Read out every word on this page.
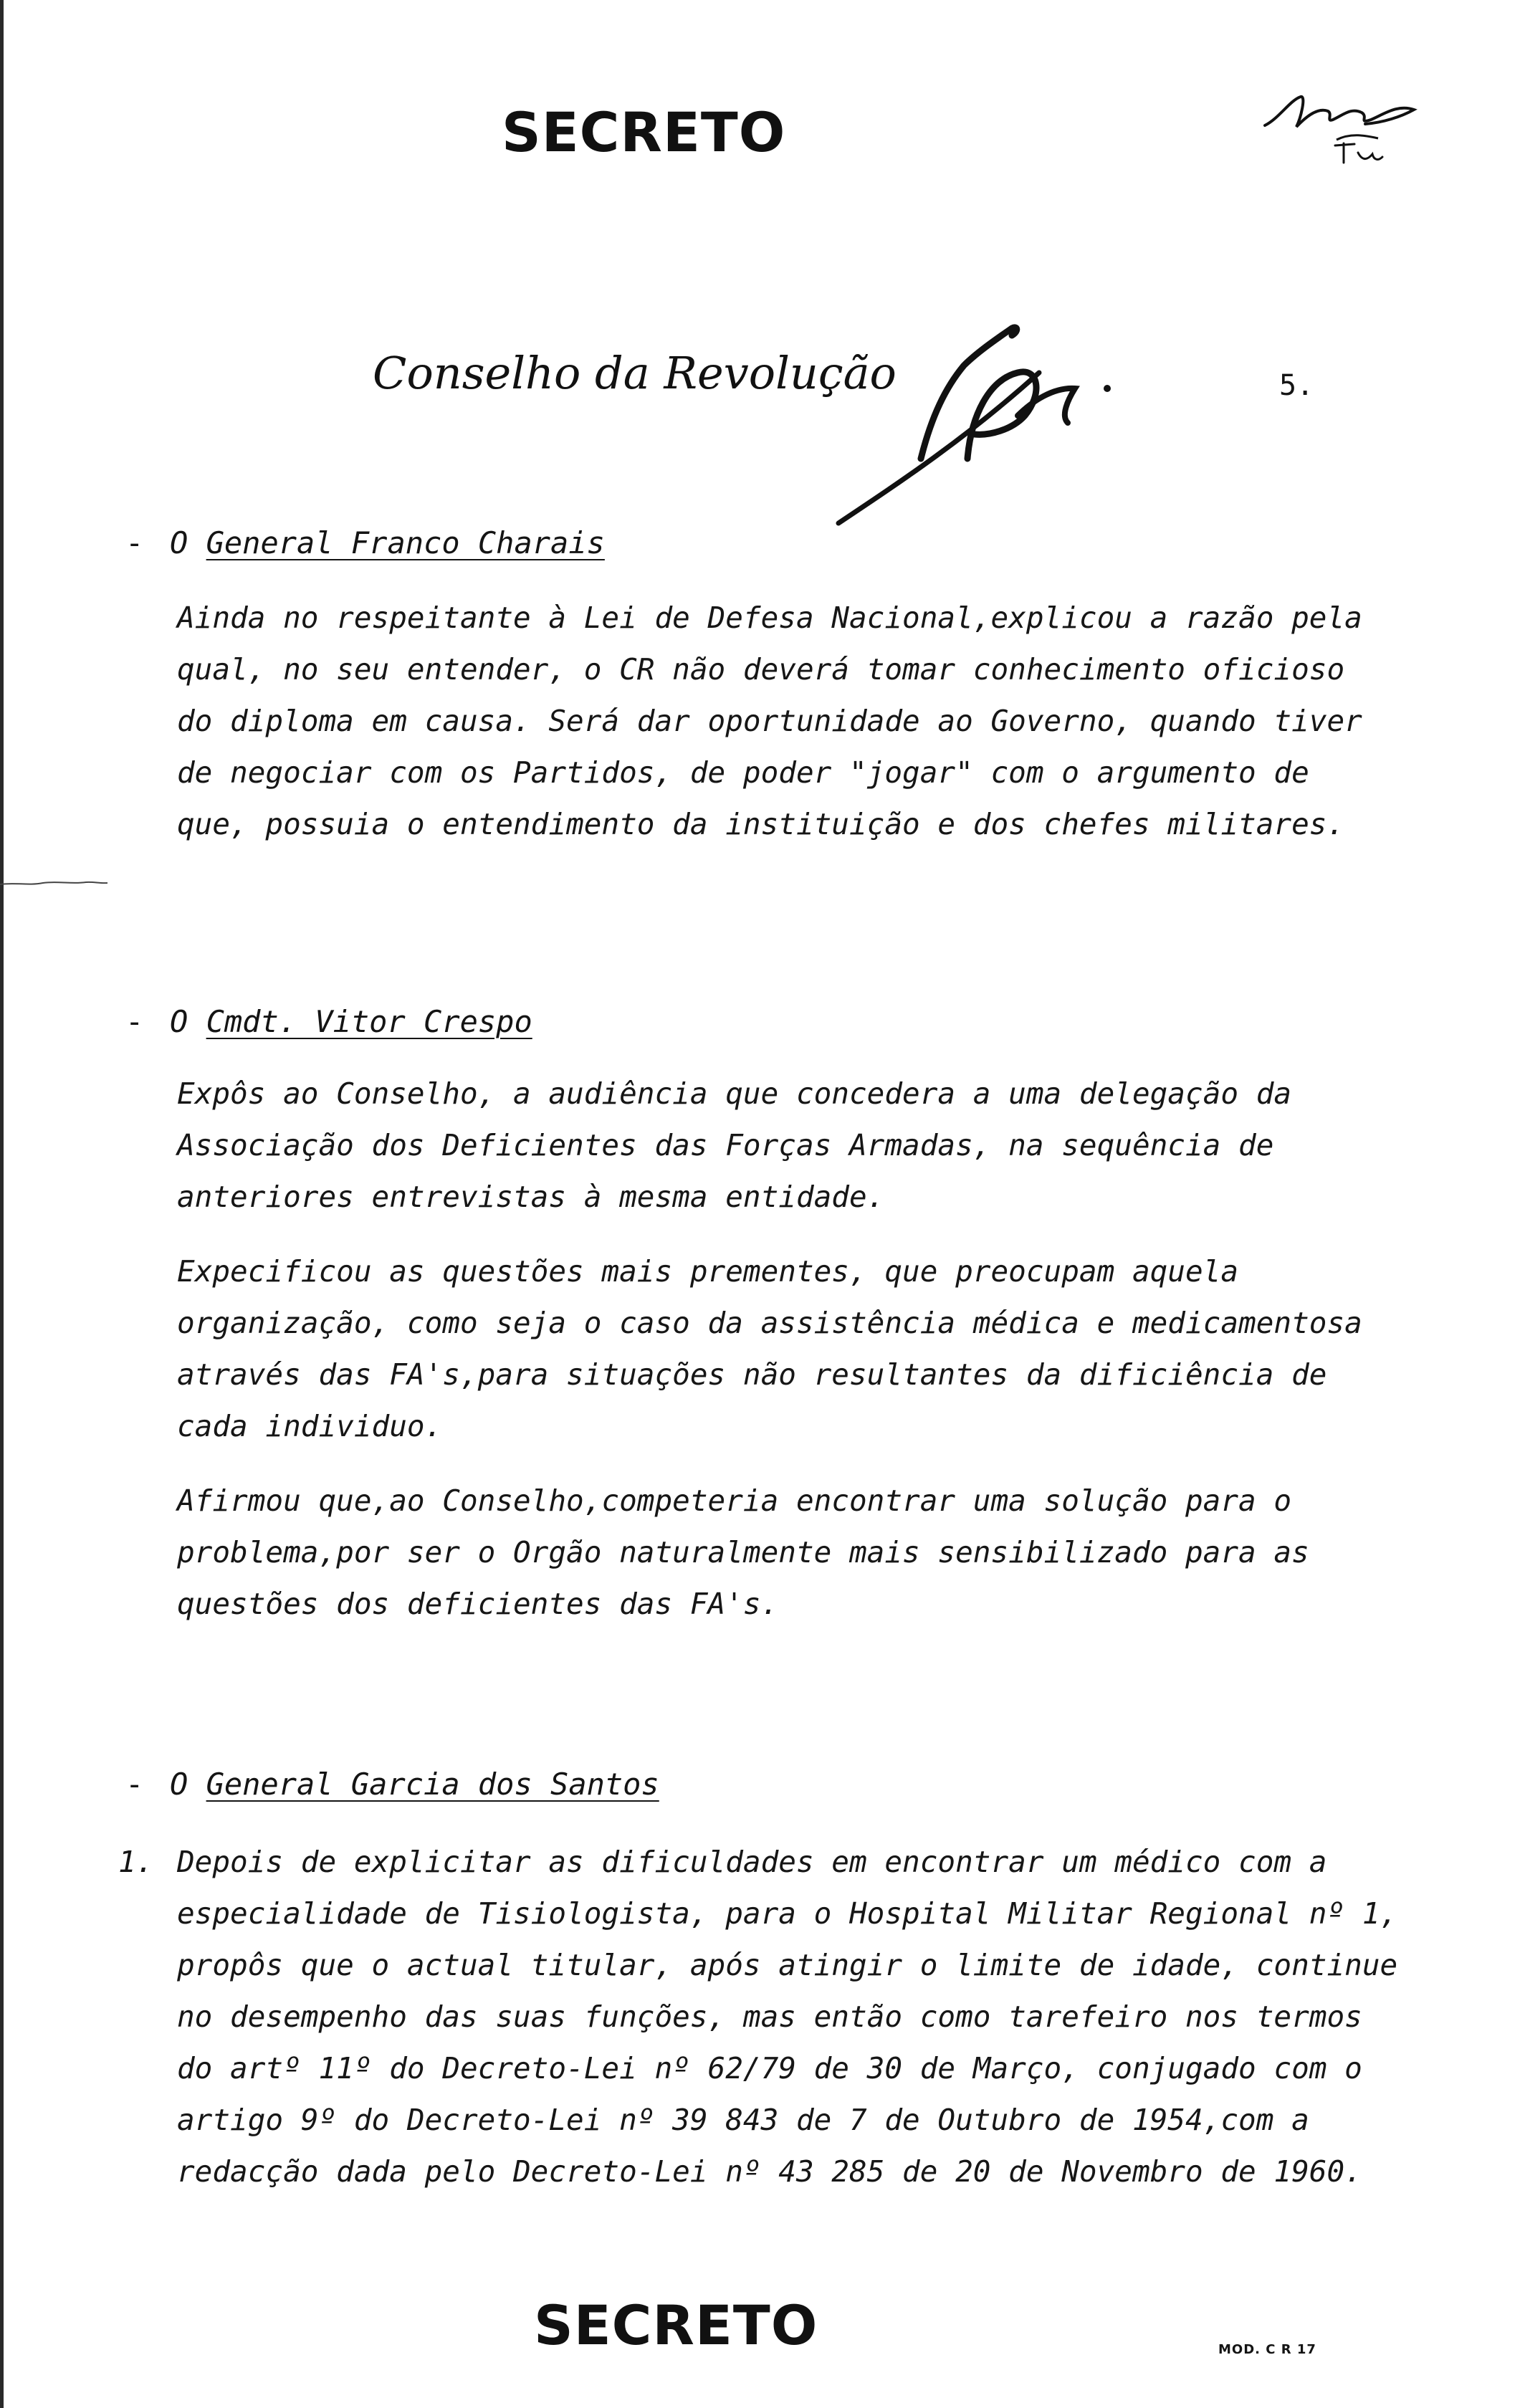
SECRETO

Conselho da Revolução	5.

- O General Franco Charais

Ainda no respeitante à Lei de Defesa Nacional,explicou a razão pela qual, no seu entender, o CR não deverá tomar conhecimento oficioso do diploma em causa. Será dar oportunidade ao Governo, quando tiver de negociar com os Partidos, de poder "jogar" com o argumento de que, possuia o entendimento da instituição e dos chefes militares.

- O Cmdt. Vitor Crespo

Expôs ao Conselho, a audiência que concedera a uma delegação da Associação dos Deficientes das Forças Armadas, na sequência de anteriores entrevistas à mesma entidade.

Expecificou as questões mais prementes, que preocupam aquela organização, como seja o caso da assistência médica e medicamentosa através das FA's,para situações não resultantes da dificiência de cada individuo.

Afirmou que,ao Conselho,competeria encontrar uma solução para o problema,por ser o Orgão naturalmente mais sensibilizado para as questões dos deficientes das FA's.

- O General Garcia dos Santos

1. Depois de explicitar as dificuldades em encontrar um médico com a especialidade de Tisiologista, para o Hospital Militar Regional nº 1, propôs que o actual titular, após atingir o limite de idade, continue no desempenho das suas funções, mas então como tarefeiro nos termos do artº 11º do Decreto-Lei nº 62/79 de 30 de Março, conjugado com o artigo 9º do Decreto-Lei nº 39 843 de 7 de Outubro de 1954,com a redacção dada pelo Decreto-Lei nº 43 285 de 20 de Novembro de 1960.

SECRETO	MOD. C R 17
